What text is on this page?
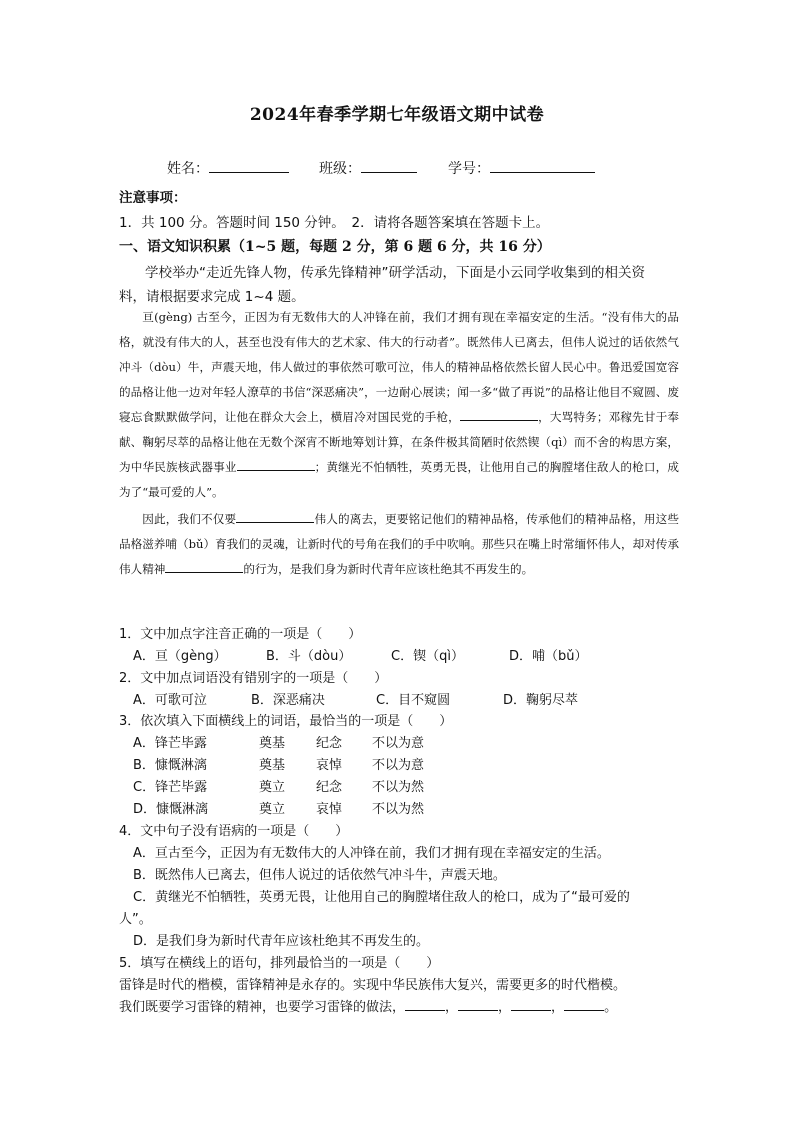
2024年春季学期七年级语文期中试卷
姓名：	班级：	学号：
注意事项：
1．共 100 分。答题时间 150 分钟。　2．请将各题答案填在答题卡上。
一、语文知识积累（1~5 题，每题 2 分，第 6 题 6 分，共 16 分）
学校举办“走近先锋人物，传承先锋精神”研学活动，下面是小云同学收集到的相关资
料，请根据要求完成 1~4 题。

亘(gèng) 古至今，正因为有无数伟大的人冲锋在前，我们才拥有现在幸福安定的生活。“没有伟大的品格，就没有伟大的人，甚至也没有伟大的艺术家、伟大的行动者”。既然伟人已离去，但伟人说过的话依然气冲斗（dòu）牛，声震天地，伟人做过的事依然可歌可泣，伟人的精神品格依然长留人民心中。鲁迅爱国宽容的品格让他一边对年轻人潦草的书信“深恶痛决”，一边耐心展读；闻一多“做了再说”的品格让他目不窥圆、废寝忘食默默做学问，让他在群众大会上，横眉冷对国民党的手枪，	，大骂特务；邓稼先甘于奉献、鞠躬尽萃的品格让他在无数个深宵不断地筹划计算，在条件极其简陋时依然锲（qì）而不舍的构思方案，为中华民族核武器事业	；黄继光不怕牺牲，英勇无畏，让他用自己的胸膛堵住敌人的枪口，成为了“最可爱的人”。

因此，我们不仅要	伟人的离去，更要铭记他们的精神品格，传承他们的精神品格，用这些品格滋养哺（bǔ）育我们的灵魂，让新时代的号角在我们的手中吹响。那些只在嘴上时常缅怀伟人，却对传承伟人精神	的行为，是我们身为新时代青年应该杜绝其不再发生的。

1．文中加点字注音正确的一项是（　　）
A．亘（gèng）	B．斗（dòu）	C．锲（qì）	D．哺（bǔ）
2．文中加点词语没有错别字的一项是（　　）
A．可歌可泣	B．深恶痛决	C．目不窥圆	D．鞠躬尽萃
3．依次填入下面横线上的词语，最恰当的一项是（　　）
A．锋芒毕露	奠基 纪念 不以为意
B．慷慨淋漓	奠基 哀悼 不以为意
C．锋芒毕露	奠立 纪念 不以为然
D．慷慨淋漓	奠立 哀悼 不以为然
4．文中句子没有语病的一项是（　　）
A．亘古至今，正因为有无数伟大的人冲锋在前，我们才拥有现在幸福安定的生活。
B．既然伟人已离去，但伟人说过的话依然气冲斗牛，声震天地。
C．黄继光不怕牺牲，英勇无畏，让他用自己的胸膛堵住敌人的枪口，成为了“最可爱的
人”。
D．是我们身为新时代青年应该杜绝其不再发生的。
5．填写在横线上的语句，排列最恰当的一项是（　　）
雷锋是时代的楷模，雷锋精神是永存的。实现中华民族伟大复兴，需要更多的时代楷模。
我们既要学习雷锋的精神，也要学习雷锋的做法，	，	，	，	。
